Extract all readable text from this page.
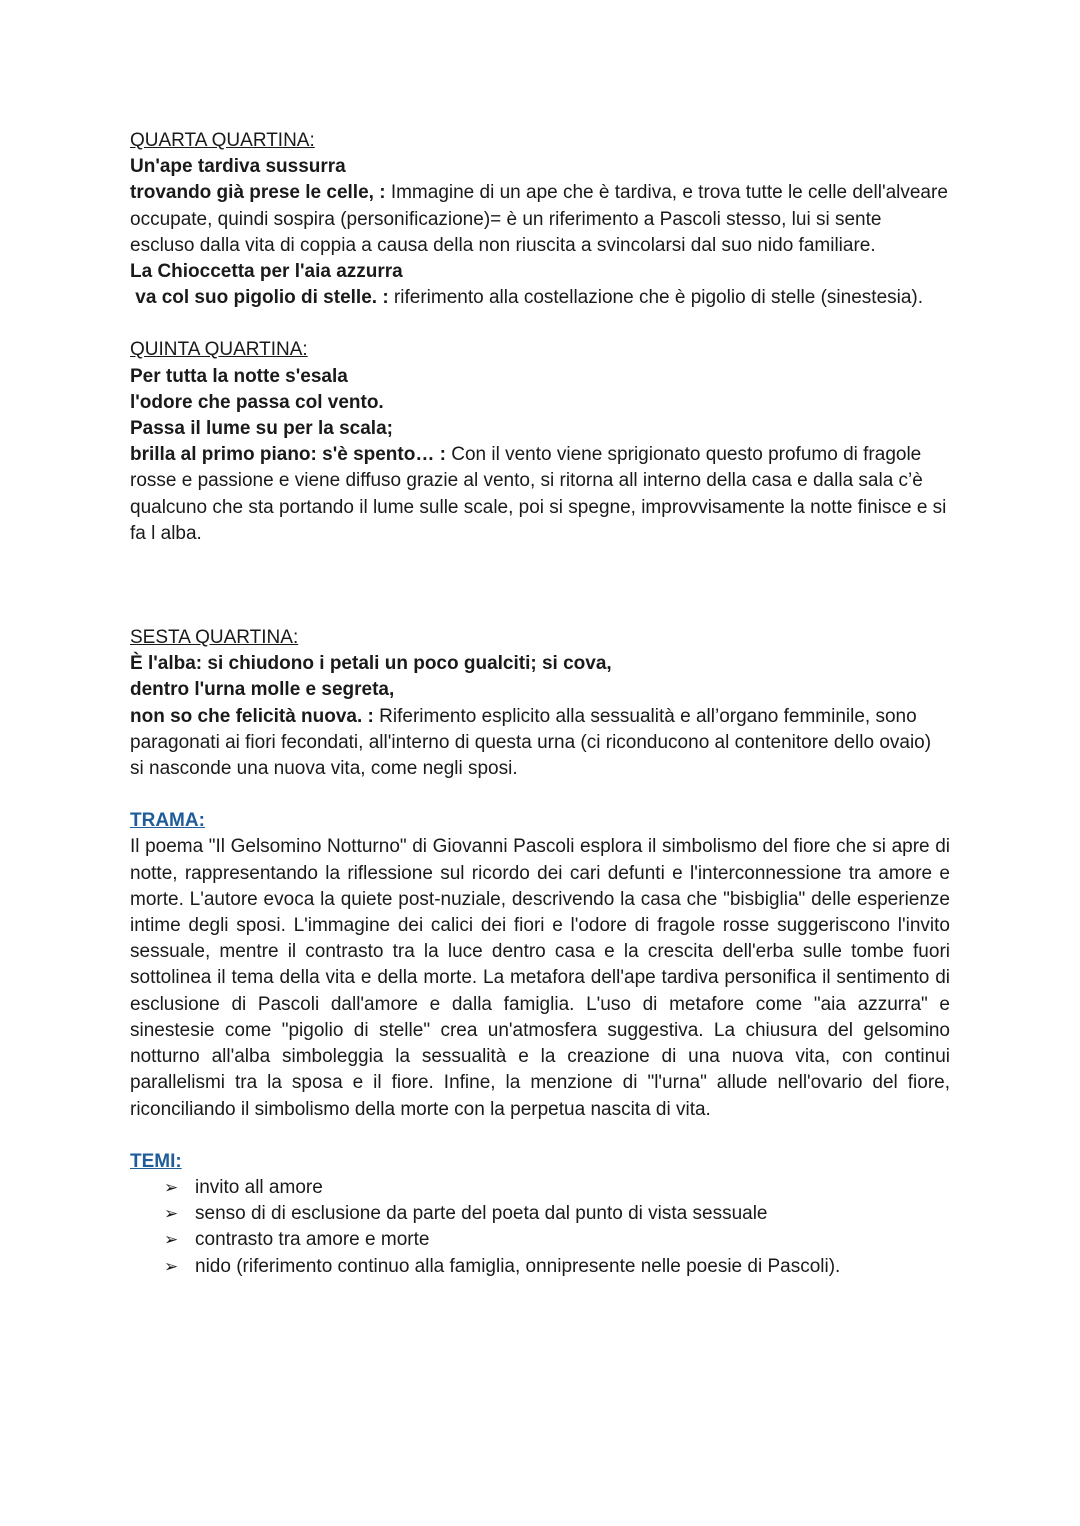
QUARTA QUARTINA:
Un'ape tardiva sussurra
trovando già prese le celle, : Immagine di un ape che è tardiva, e trova tutte le celle dell'alveare occupate, quindi sospira (personificazione)= è un riferimento a Pascoli stesso, lui si sente escluso dalla vita di coppia a causa della non riuscita a svincolarsi dal suo nido familiare.
La Chioccetta per l'aia azzurra
va col suo pigolio di stelle. : riferimento alla costellazione che è pigolio di stelle (sinestesia).
QUINTA QUARTINA:
Per tutta la notte s'esala
l'odore che passa col vento.
Passa il lume su per la scala;
brilla al primo piano: s'è spento… : Con il vento viene sprigionato questo profumo di fragole rosse e passione e viene diffuso grazie al vento, si ritorna all interno della casa e dalla sala c’è qualcuno che sta portando il lume sulle scale, poi si spegne, improvvisamente la notte finisce e si fa l alba.
SESTA QUARTINA:
È l'alba: si chiudono i petali un poco gualciti; si cova,
dentro l'urna molle e segreta,
non so che felicità nuova. : Riferimento esplicito alla sessualità e all’organo femminile, sono paragonati ai fiori fecondati, all'interno di questa urna (ci riconducono al contenitore dello ovaio) si nasconde una nuova vita, come negli sposi.
TRAMA:
Il poema "Il Gelsomino Notturno" di Giovanni Pascoli esplora il simbolismo del fiore che si apre di notte, rappresentando la riflessione sul ricordo dei cari defunti e l'interconnessione tra amore e morte. L'autore evoca la quiete post-nuziale, descrivendo la casa che "bisbiglia" delle esperienze intime degli sposi. L'immagine dei calici dei fiori e l'odore di fragole rosse suggeriscono l'invito sessuale, mentre il contrasto tra la luce dentro casa e la crescita dell'erba sulle tombe fuori sottolinea il tema della vita e della morte. La metafora dell'ape tardiva personifica il sentimento di esclusione di Pascoli dall'amore e dalla famiglia. L'uso di metafore come "aia azzurra" e sinestesie come "pigolio di stelle" crea un'atmosfera suggestiva. La chiusura del gelsomino notturno all'alba simboleggia la sessualità e la creazione di una nuova vita, con continui parallelismi tra la sposa e il fiore. Infine, la menzione di "l'urna" allude nell'ovario del fiore, riconciliando il simbolismo della morte con la perpetua nascita di vita.
TEMI:
➢ invito all amore
➢ senso di di esclusione da parte del poeta dal punto di vista sessuale
➢ contrasto tra amore e morte
➢ nido (riferimento continuo alla famiglia, onnipresente nelle poesie di Pascoli).
